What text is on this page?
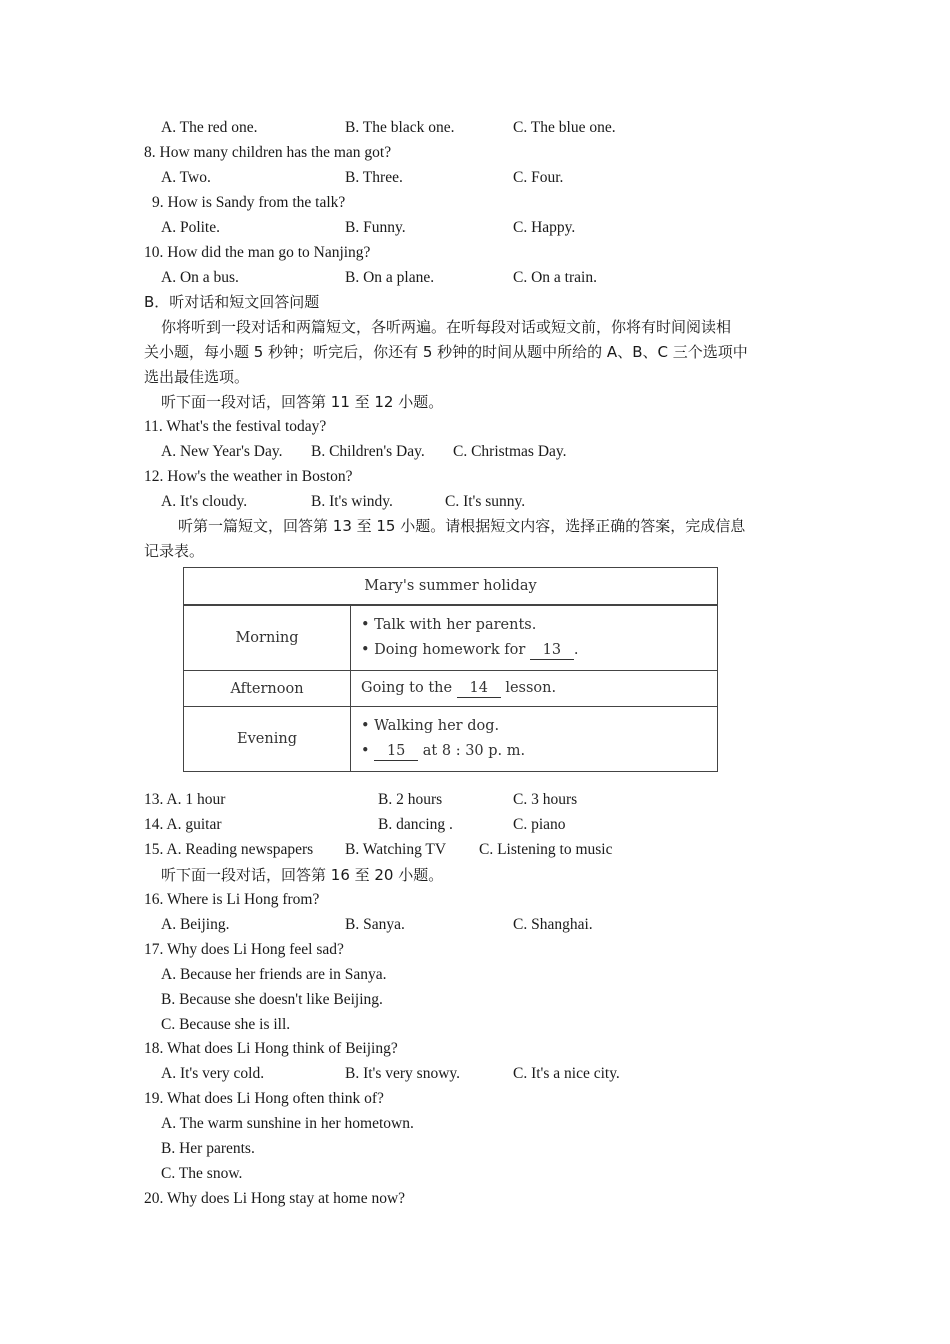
A. The red one.	B. The black one.	C. The blue one.
8. How many children has the man got?
A. Two.	B. Three.	C. Four.
9. How is Sandy from the talk?
A. Polite.	B. Funny.	C. Happy.
10. How did the man go to Nanjing?
A. On a bus.	B. On a plane.	C. On a train.
B．听对话和短文回答问题
你将听到一段对话和两篇短文，各听两遍。在听每段对话或短文前，你将有时间阅读相
关小题，每小题 5 秒钟；听完后，你还有 5 秒钟的时间从题中所给的 A、B、C 三个选项中
选出最佳选项。
听下面一段对话，回答第 11 至 12 小题。
11. What's the festival today?
A. New Year's Day. B. Children's Day. C. Christmas Day.
12. How's the weather in Boston?
A. It's cloudy.	B. It's windy.	C. It's sunny.
听第一篇短文，回答第 13 至 15 小题。请根据短文内容，选择正确的答案，完成信息
记录表。
Mary's summer holiday	
Morning	• Talk with her parents.
• Doing homework for 13 .

Afternoon	Going to the 14 lesson.

Evening	• Walking her dog.
• 15 at 8 : 30 p. m.
13. A. 1 hour	B. 2 hours	C. 3 hours
14. A. guitar	B. dancing .	C. piano
15. A. Reading newspapers B. Watching TV C. Listening to music
听下面一段对话，回答第 16 至 20 小题。
16. Where is Li Hong from?
A. Beijing.	B. Sanya.	C. Shanghai.
17. Why does Li Hong feel sad?
A. Because her friends are in Sanya.
B. Because she doesn't like Beijing.
C. Because she is ill.
18. What does Li Hong think of Beijing?
A. It's very cold.	B. It's very snowy.	C. It's a nice city.
19. What does Li Hong often think of?
A. The warm sunshine in her hometown.
B. Her parents.
C. The snow.
20. Why does Li Hong stay at home now?
